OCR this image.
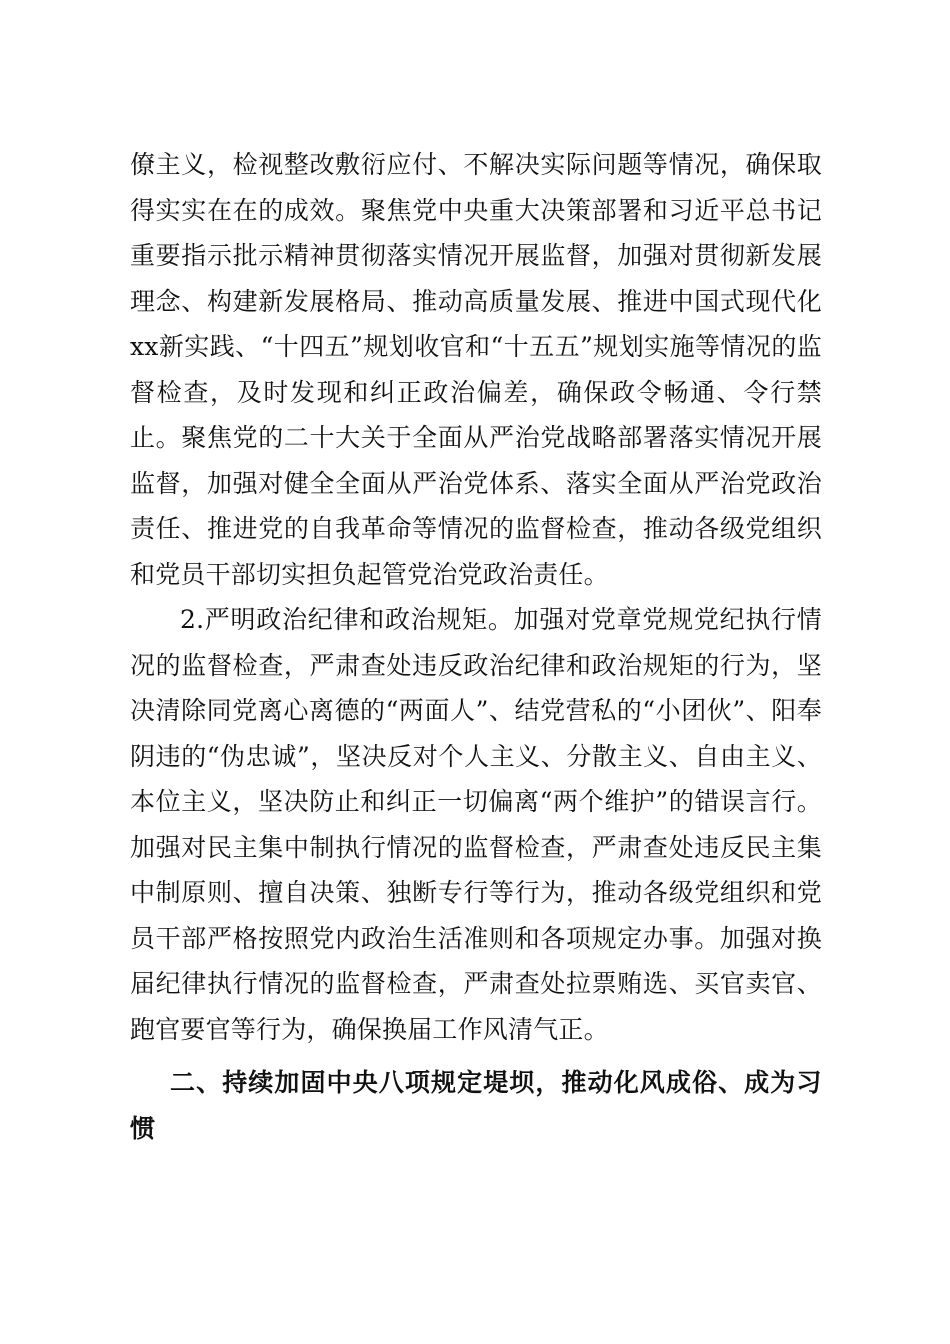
僚主义，检视整改敷衍应付、不解决实际问题等情况，确保取得实实在在的成效。聚焦党中央重大决策部署和习近平总书记重要指示批示精神贯彻落实情况开展监督，加强对贯彻新发展理念、构建新发展格局、推动高质量发展、推进中国式现代化xx新实践、“十四五”规划收官和“十五五”规划实施等情况的监督检查，及时发现和纠正政治偏差，确保政令畅通、令行禁止。聚焦党的二十大关于全面从严治党战略部署落实情况开展监督，加强对健全全面从严治党体系、落实全面从严治党政治责任、推进党的自我革命等情况的监督检查，推动各级党组织和党员干部切实担负起管党治党政治责任。

2.严明政治纪律和政治规矩。加强对党章党规党纪执行情况的监督检查，严肃查处违反政治纪律和政治规矩的行为，坚决清除同党离心离德的“两面人”、结党营私的“小团伙”、阳奉阴违的“伪忠诚”，坚决反对个人主义、分散主义、自由主义、本位主义，坚决防止和纠正一切偏离“两个维护”的错误言行。加强对民主集中制执行情况的监督检查，严肃查处违反民主集中制原则、擅自决策、独断专行等行为，推动各级党组织和党员干部严格按照党内政治生活准则和各项规定办事。加强对换届纪律执行情况的监督检查，严肃查处拉票贿选、买官卖官、跑官要官等行为，确保换届工作风清气正。

二、持续加固中央八项规定堤坝，推动化风成俗、成为习惯
